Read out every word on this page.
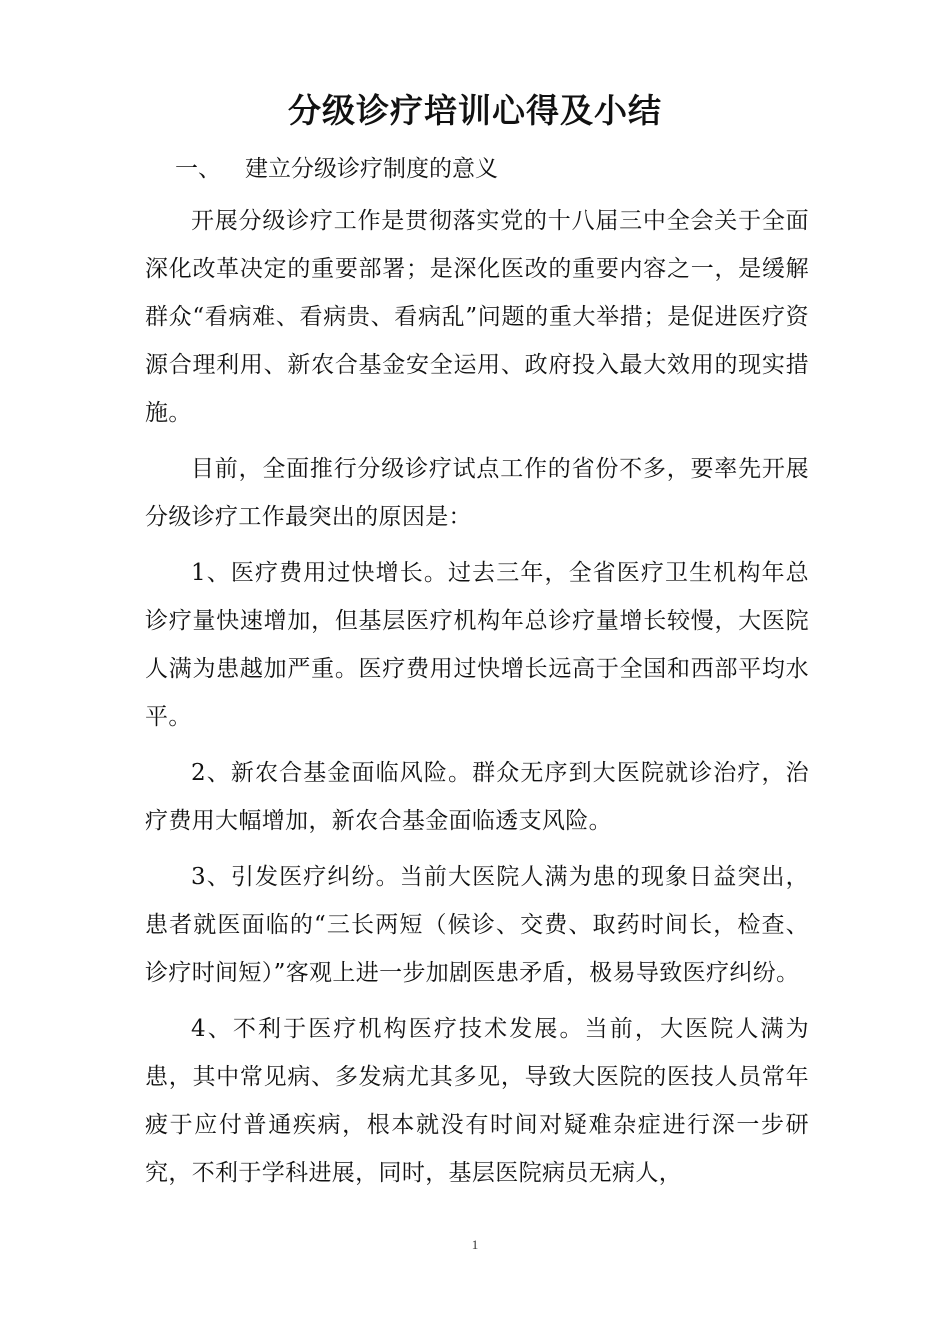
分级诊疗培训心得及小结
一、 建立分级诊疗制度的意义

开展分级诊疗工作是贯彻落实党的十八届三中全会关于全面深化改革决定的重要部署；是深化医改的重要内容之一，是缓解群众“看病难、看病贵、看病乱”问题的重大举措；是促进医疗资源合理利用、新农合基金安全运用、政府投入最大效用的现实措施。

目前，全面推行分级诊疗试点工作的省份不多，要率先开展分级诊疗工作最突出的原因是：

1、医疗费用过快增长。过去三年，全省医疗卫生机构年总诊疗量快速增加，但基层医疗机构年总诊疗量增长较慢，大医院人满为患越加严重。医疗费用过快增长远高于全国和西部平均水平。

2、新农合基金面临风险。群众无序到大医院就诊治疗，治疗费用大幅增加，新农合基金面临透支风险。

3、引发医疗纠纷。当前大医院人满为患的现象日益突出，患者就医面临的“三长两短（候诊、交费、取药时间长，检查、诊疗时间短）”客观上进一步加剧医患矛盾，极易导致医疗纠纷。

4、不利于医疗机构医疗技术发展。当前，大医院人满为患，其中常见病、多发病尤其多见，导致大医院的医技人员常年疲于应付普通疾病，根本就没有时间对疑难杂症进行深一步研究，不利于学科进展，同时，基层医院病员无病人，

1
